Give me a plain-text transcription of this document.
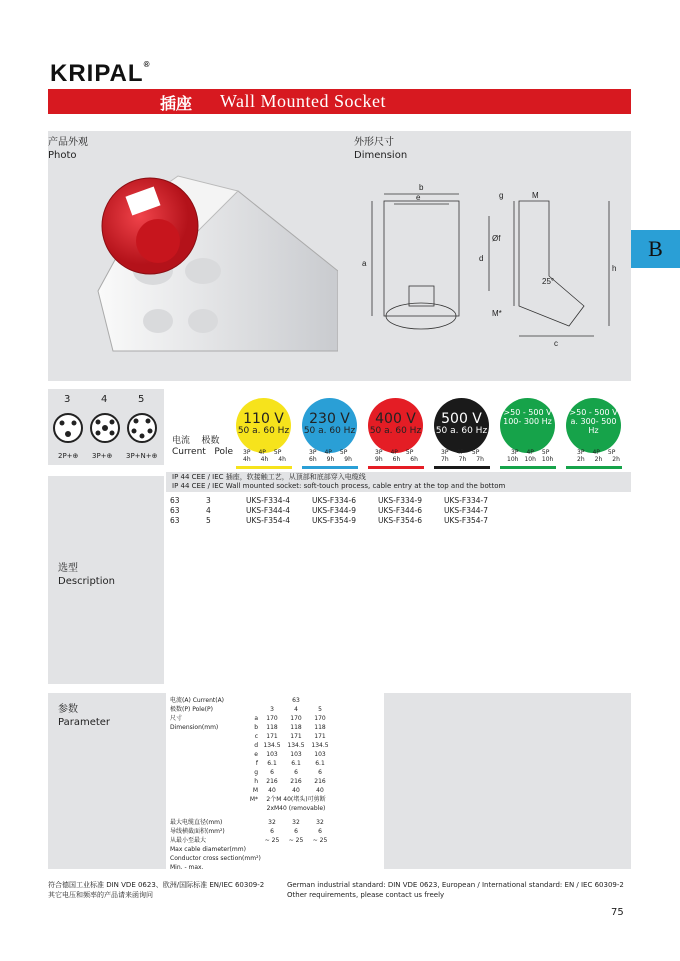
KRIPAL®
插座 Wall Mounted Socket
B
产品外观
Photo
外形尺寸
Dimension
b
e	g	M
a
d
Øf
25°
h
M*
c
3	4	5
2P+⊕ 3P+⊕ 3P+N+⊕
电流 极数
Current Pole
110 V
50 a. 60 Hz
230 V
50 a. 60 Hz
400 V
50 a. 60 Hz
500 V
50 a. 60 Hz
>50 - 500 V 100- 300 Hz
>50 - 500 V a. 300- 500 Hz
3P 4P 5P
4h 4h 4h
3P 4P 5P
6h 9h 9h
3P 4P 5P
9h 6h 6h
3P 4P 5P
7h 7h 7h
3P 4P 5P
10h 10h 10h
3P 4P 5P
2h 2h 2h
IP 44 CEE / IEC 插座，软接触工艺，从顶部和底部穿入电缆线
IP 44 CEE / IEC Wall mounted socket: soft-touch process, cable entry at the top and the bottom
63	3	UKS-F334-4	UKS-F334-6	UKS-F334-9	UKS-F334-7
63	4	UKS-F344-4	UKS-F344-9	UKS-F344-6	UKS-F344-7
63	5	UKS-F354-4	UKS-F354-9	UKS-F354-6	UKS-F354-7
选型
Description
参数
Parameter
电流(A) Current(A)		63		
极数(P) Pole(P)		3	4	5
尺寸	a	170	170	170
Dimension(mm)	b	118	118	118
	c	171	171	171
	d	134.5	134.5	134.5
	e	103	103	103
	f	6.1	6.1	6.1
	g	6	6	6
	h	216	216	216
	M	40	40	40
	M*	2个M 40(堵头)可剪断		
		2xM40 (removable)		

最大电缆直径(mm)		32	32	32
导线横截面积(mm²)		6	6	6
从最小至最大		~ 25	~ 25	~ 25
Max cable diameter(mm)				
Conductor cross section(mm²)				
Min. - max.				
符合德国工业标准 DIN VDE 0623、欧洲/国际标准 EN/IEC 60309-2
其它电压和频率的产品请来函询问
German industrial standard: DIN VDE 0623, European / International standard: EN / IEC 60309-2
Other requirements, please contact us freely
75
